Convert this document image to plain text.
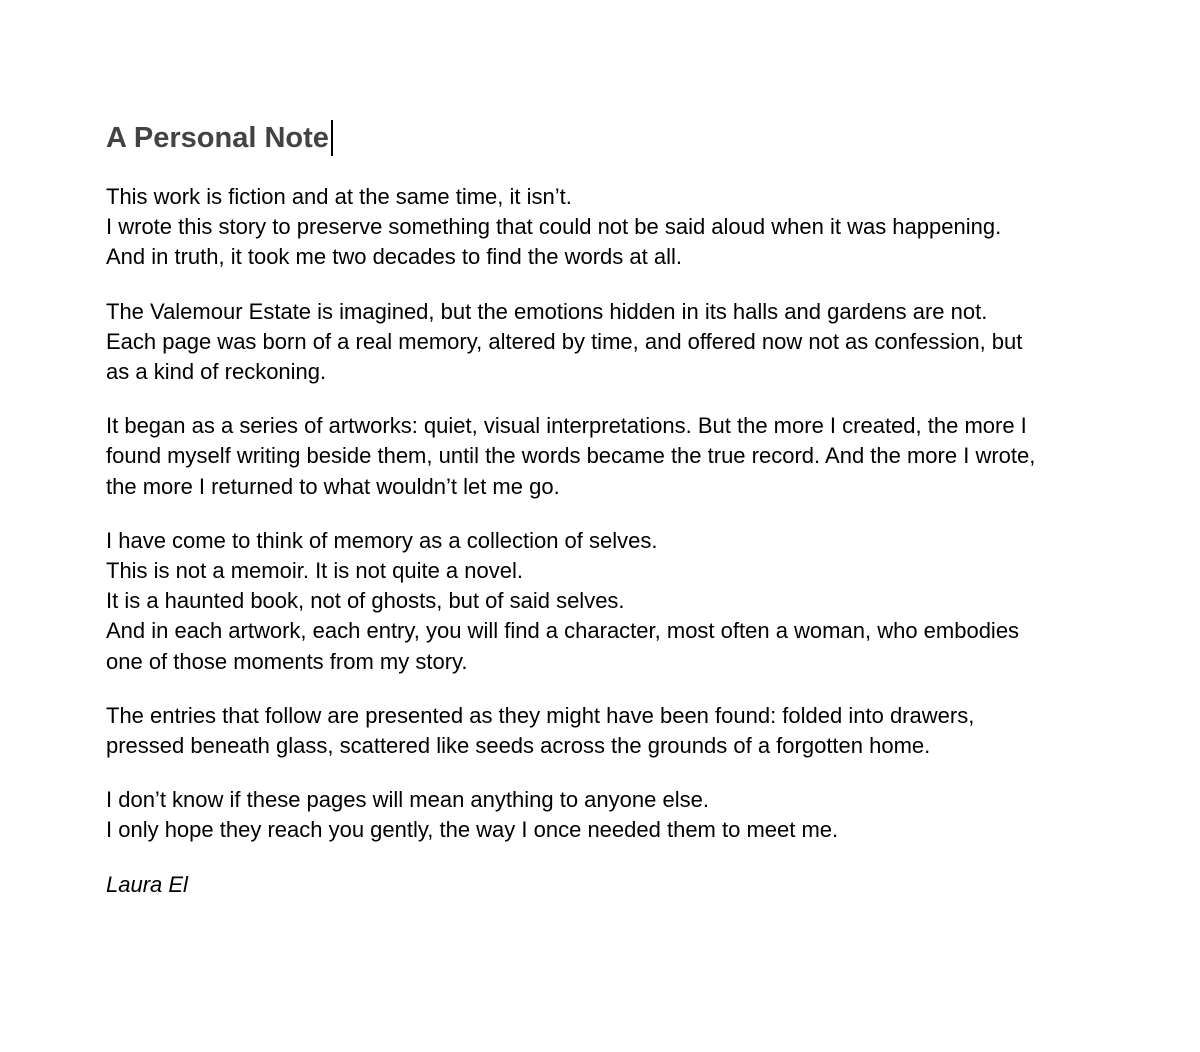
A Personal Note

This work is fiction and at the same time, it isn’t.
I wrote this story to preserve something that could not be said aloud when it was happening.
And in truth, it took me two decades to find the words at all.

The Valemour Estate is imagined, but the emotions hidden in its halls and gardens are not.
Each page was born of a real memory, altered by time, and offered now not as confession, but
as a kind of reckoning.

It began as a series of artworks: quiet, visual interpretations. But the more I created, the more I
found myself writing beside them, until the words became the true record. And the more I wrote,
the more I returned to what wouldn’t let me go.

I have come to think of memory as a collection of selves.
This is not a memoir. It is not quite a novel.
It is a haunted book, not of ghosts, but of said selves.
And in each artwork, each entry, you will find a character, most often a woman, who embodies
one of those moments from my story.

The entries that follow are presented as they might have been found: folded into drawers,
pressed beneath glass, scattered like seeds across the grounds of a forgotten home.

I don’t know if these pages will mean anything to anyone else.
I only hope they reach you gently, the way I once needed them to meet me.

Laura El
